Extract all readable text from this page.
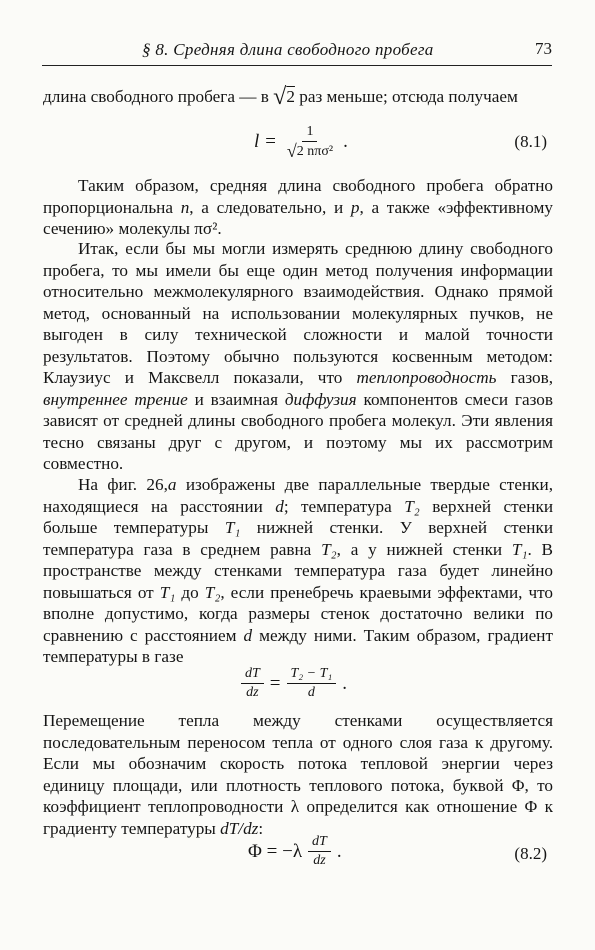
§ 8. Средняя длина свободного пробега	73

длина свободного пробега — в √2 раз меньше; отсюда получаем

$l = \frac{1}{\text{√2 nπσ²}}$ .	(8.1)

Таким образом, средняя длина свободного пробега обратно пропорциональна n, а следовательно, и p, а также «эффективному сечению» молекулы πσ².

Итак, если бы мы могли измерять среднюю длину свободного пробега, то мы имели бы еще один метод получения информации относительно межмолекулярного взаимодействия. Однако прямой метод, основанный на использовании молекулярных пучков, не выгоден в силу технической сложности и малой точности результатов. Поэтому обычно пользуются косвенным методом: Клаузиус и Максвелл показали, что теплопроводность газов, внутреннее трение и взаимная диффузия компонентов смеси газов зависят от средней длины свободного пробега молекул. Эти явления тесно связаны друг с другом, и поэтому мы их рассмотрим совместно.

На фиг. 26,a изображены две параллельные твердые стенки, находящиеся на расстоянии d; температура T₂ верхней стенки больше температуры T₁ нижней стенки. У верхней стенки температура газа в среднем равна T₂, а у нижней стенки T₁. В пространстве между стенками температура газа будет линейно повышаться от T₁ до T₂, если пренебречь краевыми эффектами, что вполне допустимо, когда размеры стенок достаточно велики по сравнению с расстоянием d между ними. Таким образом, градиент температуры в газе

$\frac{dT}{dz} = \frac{\text{T₂ − T₁}}{d}$ .

Перемещение тепла между стенками осуществляется последовательным переносом тепла от одного слоя газа к другому. Если мы обозначим скорость потока тепловой энергии через единицу площади, или плотность теплового потока, буквой Φ, то коэффициент теплопроводности λ определится как отношение Φ к градиенту температуры dT/dz:

$\Phi = -\lambda \frac{dT}{dz}$ .	(8.2)
